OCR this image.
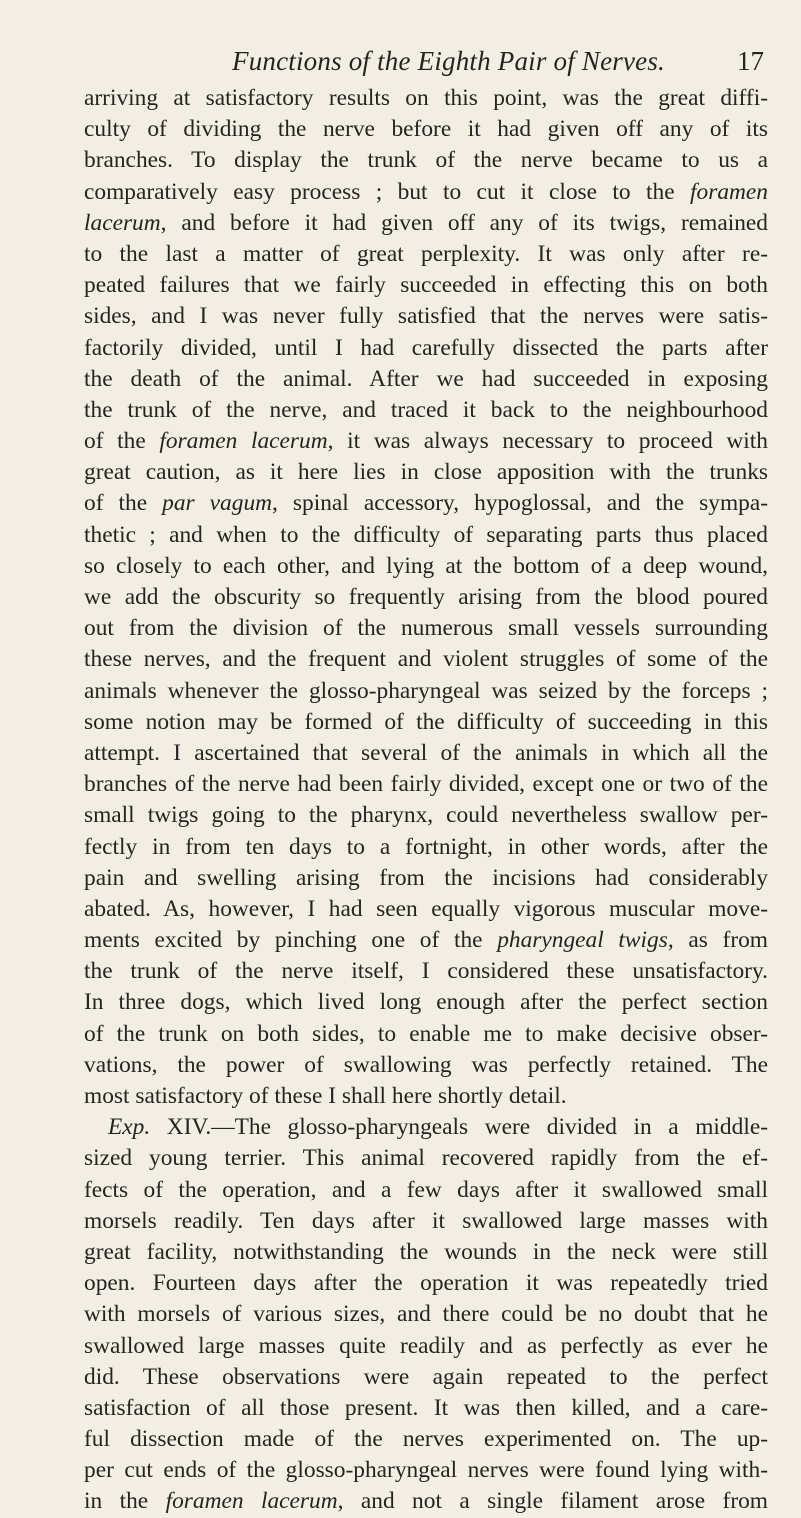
Functions of the Eighth Pair of Nerves.	17
arriving at satisfactory results on this point, was the great diffi-
culty of dividing the nerve before it had given off any of its
branches. To display the trunk of the nerve became to us a
comparatively easy process ; but to cut it close to the foramen
lacerum, and before it had given off any of its twigs, remained
to the last a matter of great perplexity. It was only after re-
peated failures that we fairly succeeded in effecting this on both
sides, and I was never fully satisfied that the nerves were satis-
factorily divided, until I had carefully dissected the parts after
the death of the animal. After we had succeeded in exposing
the trunk of the nerve, and traced it back to the neighbourhood
of the foramen lacerum, it was always necessary to proceed with
great caution, as it here lies in close apposition with the trunks
of the par vagum, spinal accessory, hypoglossal, and the sympa-
thetic ; and when to the difficulty of separating parts thus placed
so closely to each other, and lying at the bottom of a deep wound,
we add the obscurity so frequently arising from the blood poured
out from the division of the numerous small vessels surrounding
these nerves, and the frequent and violent struggles of some of the
animals whenever the glosso-pharyngeal was seized by the forceps ;
some notion may be formed of the difficulty of succeeding in this
attempt. I ascertained that several of the animals in which all the
branches of the nerve had been fairly divided, except one or two of the
small twigs going to the pharynx, could nevertheless swallow per-
fectly in from ten days to a fortnight, in other words, after the
pain and swelling arising from the incisions had considerably
abated. As, however, I had seen equally vigorous muscular move-
ments excited by pinching one of the pharyngeal twigs, as from
the trunk of the nerve itself, I considered these unsatisfactory.
In three dogs, which lived long enough after the perfect section
of the trunk on both sides, to enable me to make decisive obser-
vations, the power of swallowing was perfectly retained. The
most satisfactory of these I shall here shortly detail.
Exp. XIV.—The glosso-pharyngeals were divided in a middle-
sized young terrier. This animal recovered rapidly from the ef-
fects of the operation, and a few days after it swallowed small
morsels readily. Ten days after it swallowed large masses with
great facility, notwithstanding the wounds in the neck were still
open. Fourteen days after the operation it was repeatedly tried
with morsels of various sizes, and there could be no doubt that he
swallowed large masses quite readily and as perfectly as ever he
did. These observations were again repeated to the perfect
satisfaction of all those present. It was then killed, and a care-
ful dissection made of the nerves experimented on. The up-
per cut ends of the glosso-pharyngeal nerves were found lying with-
in the foramen lacerum, and not a single filament arose from
